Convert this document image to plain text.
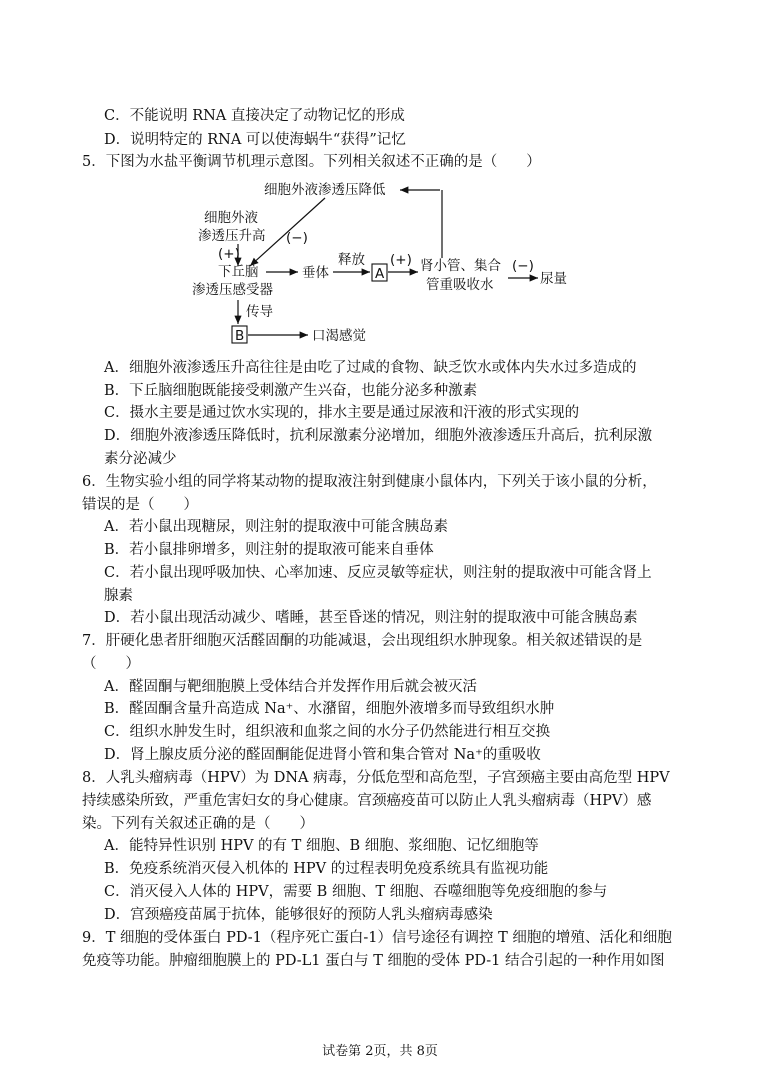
C．不能说明 RNA 直接决定了动物记忆的形成
D．说明特定的 RNA 可以使海蜗牛“获得”记忆
5．下图为水盐平衡调节机理示意图。下列相关叙述不正确的是（　　）
细胞外液渗透压降低
细胞外液
渗透压升高
(+)
(−)
下丘脑
渗透压感受器
垂体
释放
A
(+) 肾小管、集合
管重吸收水
(−)
尿量
传导
B	口渴感觉
A．细胞外液渗透压升高往往是由吃了过咸的食物、缺乏饮水或体内失水过多造成的
B．下丘脑细胞既能接受刺激产生兴奋，也能分泌多种激素
C．摄水主要是通过饮水实现的，排水主要是通过尿液和汗液的形式实现的
D．细胞外液渗透压降低时，抗利尿激素分泌增加，细胞外液渗透压升高后，抗利尿激
素分泌减少
6．生物实验小组的同学将某动物的提取液注射到健康小鼠体内，下列关于该小鼠的分析，
错误的是（　　）
A．若小鼠出现糖尿，则注射的提取液中可能含胰岛素
B．若小鼠排卵增多，则注射的提取液可能来自垂体
C．若小鼠出现呼吸加快、心率加速、反应灵敏等症状，则注射的提取液中可能含肾上
腺素
D．若小鼠出现活动减少、嗜睡，甚至昏迷的情况，则注射的提取液中可能含胰岛素
7．肝硬化患者肝细胞灭活醛固酮的功能减退，会出现组织水肿现象。相关叙述错误的是
（　　）
A．醛固酮与靶细胞膜上受体结合并发挥作用后就会被灭活
B．醛固酮含量升高造成 Na⁺、水潴留，细胞外液增多而导致组织水肿
C．组织水肿发生时，组织液和血浆之间的水分子仍然能进行相互交换
D．肾上腺皮质分泌的醛固酮能促进肾小管和集合管对 Na⁺的重吸收
8．人乳头瘤病毒（HPV）为 DNA 病毒，分低危型和高危型，子宫颈癌主要由高危型 HPV
持续感染所致，严重危害妇女的身心健康。宫颈癌疫苗可以防止人乳头瘤病毒（HPV）感
染。下列有关叙述正确的是（　　）
A．能特异性识别 HPV 的有 T 细胞、B 细胞、浆细胞、记忆细胞等
B．免疫系统消灭侵入机体的 HPV 的过程表明免疫系统具有监视功能
C．消灭侵入人体的 HPV，需要 B 细胞、T 细胞、吞噬细胞等免疫细胞的参与
D．宫颈癌疫苗属于抗体，能够很好的预防人乳头瘤病毒感染
9．T 细胞的受体蛋白 PD-1（程序死亡蛋白-1）信号途径有调控 T 细胞的增殖、活化和细胞
免疫等功能。肿瘤细胞膜上的 PD-L1 蛋白与 T 细胞的受体 PD-1 结合引起的一种作用如图
试卷第 2页，共 8页
